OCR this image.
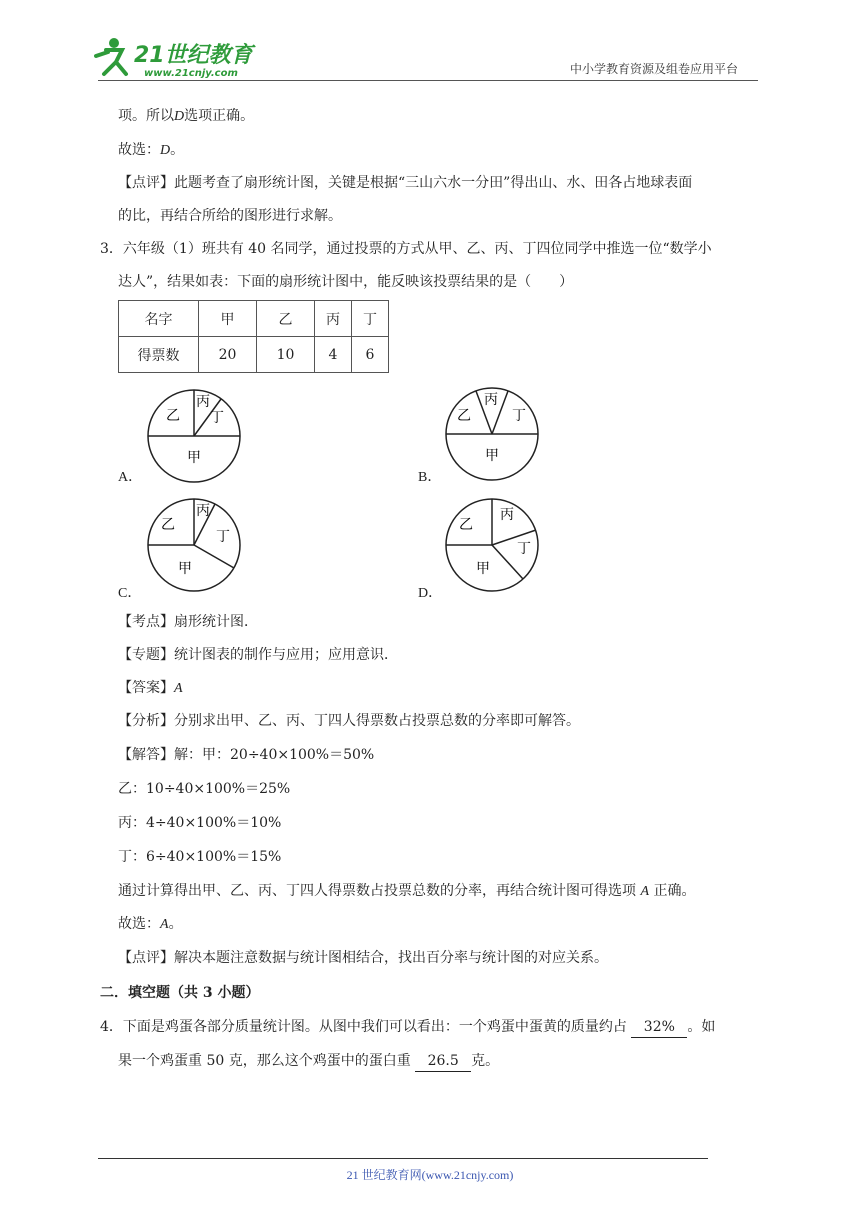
21世纪教育
www.21cnjy.com	中小学教育资源及组卷应用平台
项。所以D选项正确。
故选：D。
【点评】此题考查了扇形统计图，关键是根据“三山六水一分田”得出山、水、田各占地球表面
的比，再结合所给的图形进行求解。
3．六年级（1）班共有 40 名同学，通过投票的方式从甲、乙、丙、丁四位同学中推选一位“数学小
达人”，结果如表：下面的扇形统计图中，能反映该投票结果的是（　　）
名字	甲	乙	丙	丁
得票数	20	10	4	6
乙
丙
丁
甲
A．
乙
丙
丁
甲
B．
乙
丙
丁
甲
C．
乙
丙
丁
甲
D．
【考点】扇形统计图．
【专题】统计图表的制作与应用；应用意识．
【答案】A
【分析】分别求出甲、乙、丙、丁四人得票数占投票总数的分率即可解答。
【解答】解：甲：20÷40×100%＝50%
乙：10÷40×100%＝25%
丙：4÷40×100%＝10%
丁：6÷40×100%＝15%
通过计算得出甲、乙、丙、丁四人得票数占投票总数的分率，再结合统计图可得选项 A 正确。
故选：A。
【点评】解决本题注意数据与统计图相结合，找出百分率与统计图的对应关系。
二．填空题（共 3 小题）
4．下面是鸡蛋各部分质量统计图。从图中我们可以看出：一个鸡蛋中蛋黄的质量约占 32% 。如
果一个鸡蛋重 50 克，那么这个鸡蛋中的蛋白重 26.5 克。
21 世纪教育网(www.21cnjy.com)
